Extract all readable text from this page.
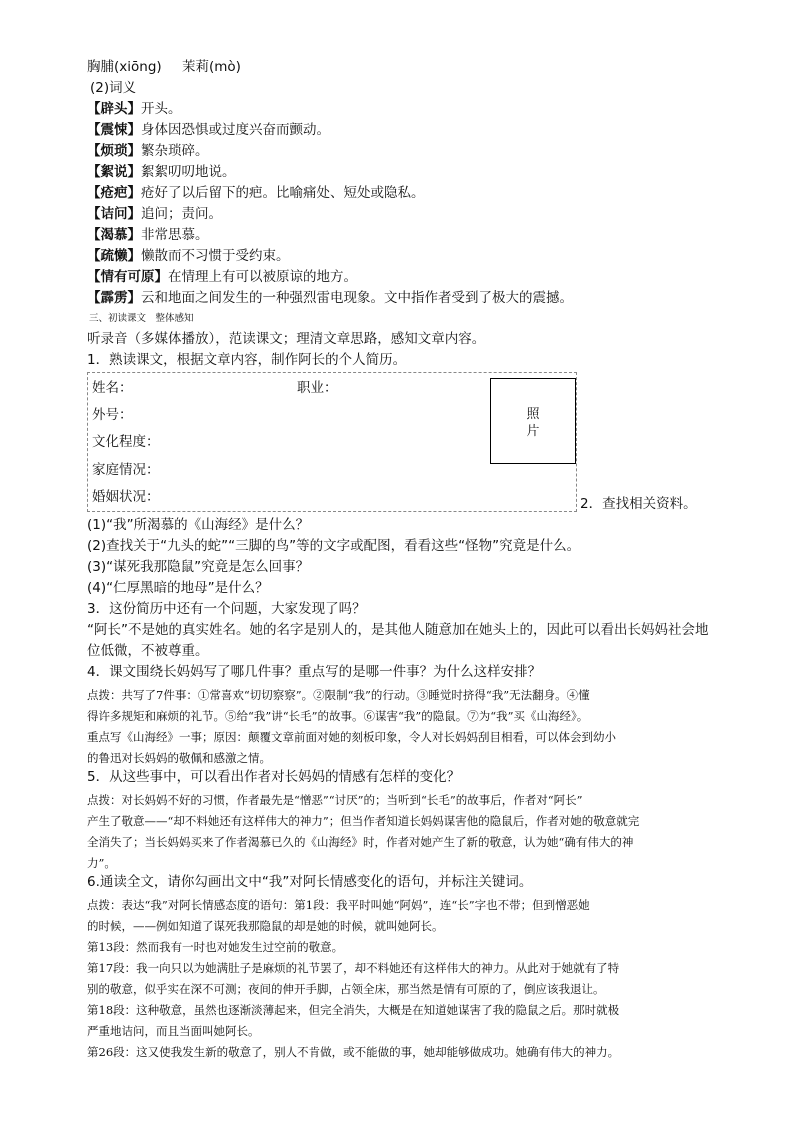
胸脯(xiōng) 茉莉(mò)
(2)词义
【辟头】开头。
【震悚】身体因恐惧或过度兴奋而颤动。
【烦琐】繁杂琐碎。
【絮说】絮絮叨叨地说。
【疮疤】疮好了以后留下的疤。比喻痛处、短处或隐私。
【诘问】追问；责问。
【渴慕】非常思慕。
【疏懒】懒散而不习惯于受约束。
【情有可原】在情理上有可以被原谅的地方。
【霹雳】云和地面之间发生的一种强烈雷电现象。文中指作者受到了极大的震撼。
三、初读课文　整体感知
听录音（多媒体播放），范读课文；理清文章思路，感知文章内容。
1．熟读课文，根据文章内容，制作阿长的个人简历。
姓名：	职业：
外号：
文化程度：
家庭情况：
婚姻状况：
照
片
2．查找相关资料。
(1)“我”所渴慕的《山海经》是什么？
(2)查找关于“九头的蛇”“三脚的鸟”等的文字或配图，看看这些“怪物”究竟是什么。
(3)“谋死我那隐鼠”究竟是怎么回事？
(4)“仁厚黑暗的地母”是什么？
3．这份简历中还有一个问题，大家发现了吗？
“阿长”不是她的真实姓名。她的名字是别人的，是其他人随意加在她头上的，因此可以看出长妈妈社会地
位低微，不被尊重。
4．课文围绕长妈妈写了哪几件事？重点写的是哪一件事？为什么这样安排？
点拨：共写了7件事：①常喜欢“切切察察”。②限制“我”的行动。③睡觉时挤得“我”无法翻身。④懂
得许多规矩和麻烦的礼节。⑤给“我”讲“长毛”的故事。⑥谋害“我”的隐鼠。⑦为“我”买《山海经》。
重点写《山海经》一事；原因：颠覆文章前面对她的刻板印象，令人对长妈妈刮目相看，可以体会到幼小
的鲁迅对长妈妈的敬佩和感激之情。
5．从这些事中，可以看出作者对长妈妈的情感有怎样的变化？
点拨：对长妈妈不好的习惯，作者最先是“憎恶”“讨厌”的；当听到“长毛”的故事后，作者对“阿长”
产生了敬意——“却不料她还有这样伟大的神力”；但当作者知道长妈妈谋害他的隐鼠后，作者对她的敬意就完
全消失了；当长妈妈买来了作者渴慕已久的《山海经》时，作者对她产生了新的敬意，认为她“确有伟大的神
力”。
6.通读全文，请你勾画出文中“我”对阿长情感变化的语句，并标注关键词。
点拨：表达“我”对阿长情感态度的语句：第1段：我平时叫她“阿妈”，连“长”字也不带；但到憎恶她
的时候，——例如知道了谋死我那隐鼠的却是她的时候，就叫她阿长。
第13段：然而我有一时也对她发生过空前的敬意。
第17段：我一向只以为她满肚子是麻烦的礼节罢了，却不料她还有这样伟大的神力。从此对于她就有了特
别的敬意，似乎实在深不可测；夜间的伸开手脚，占领全床，那当然是情有可原的了，倒应该我退让。
第18段：这种敬意，虽然也逐渐淡薄起来，但完全消失，大概是在知道她谋害了我的隐鼠之后。那时就极
严重地诘问，而且当面叫她阿长。
第26段：这又使我发生新的敬意了，别人不肯做，或不能做的事，她却能够做成功。她确有伟大的神力。
